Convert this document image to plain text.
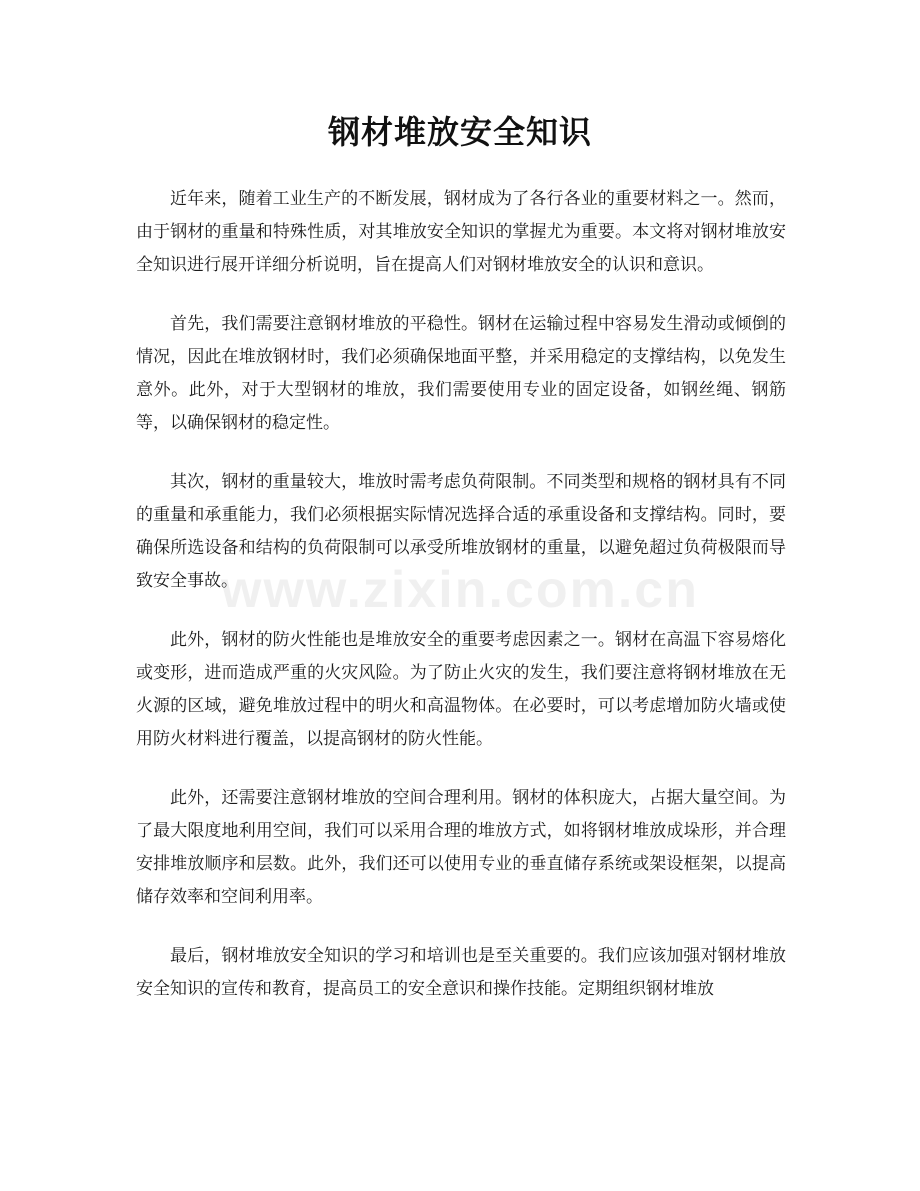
钢材堆放安全知识
www.zixin.com.cn

近年来，随着工业生产的不断发展，钢材成为了各行各业的重要材料之一。然而，由于钢材的重量和特殊性质，对其堆放安全知识的掌握尤为重要。本文将对钢材堆放安全知识进行展开详细分析说明，旨在提高人们对钢材堆放安全的认识和意识。

首先，我们需要注意钢材堆放的平稳性。钢材在运输过程中容易发生滑动或倾倒的情况，因此在堆放钢材时，我们必须确保地面平整，并采用稳定的支撑结构，以免发生意外。此外，对于大型钢材的堆放，我们需要使用专业的固定设备，如钢丝绳、钢筋等，以确保钢材的稳定性。

其次，钢材的重量较大，堆放时需考虑负荷限制。不同类型和规格的钢材具有不同的重量和承重能力，我们必须根据实际情况选择合适的承重设备和支撑结构。同时，要确保所选设备和结构的负荷限制可以承受所堆放钢材的重量，以避免超过负荷极限而导致安全事故。

此外，钢材的防火性能也是堆放安全的重要考虑因素之一。钢材在高温下容易熔化或变形，进而造成严重的火灾风险。为了防止火灾的发生，我们要注意将钢材堆放在无火源的区域，避免堆放过程中的明火和高温物体。在必要时，可以考虑增加防火墙或使用防火材料进行覆盖，以提高钢材的防火性能。

此外，还需要注意钢材堆放的空间合理利用。钢材的体积庞大，占据大量空间。为了最大限度地利用空间，我们可以采用合理的堆放方式，如将钢材堆放成垛形，并合理安排堆放顺序和层数。此外，我们还可以使用专业的垂直储存系统或架设框架，以提高储存效率和空间利用率。

最后，钢材堆放安全知识的学习和培训也是至关重要的。我们应该加强对钢材堆放安全知识的宣传和教育，提高员工的安全意识和操作技能。定期组织钢材堆放
